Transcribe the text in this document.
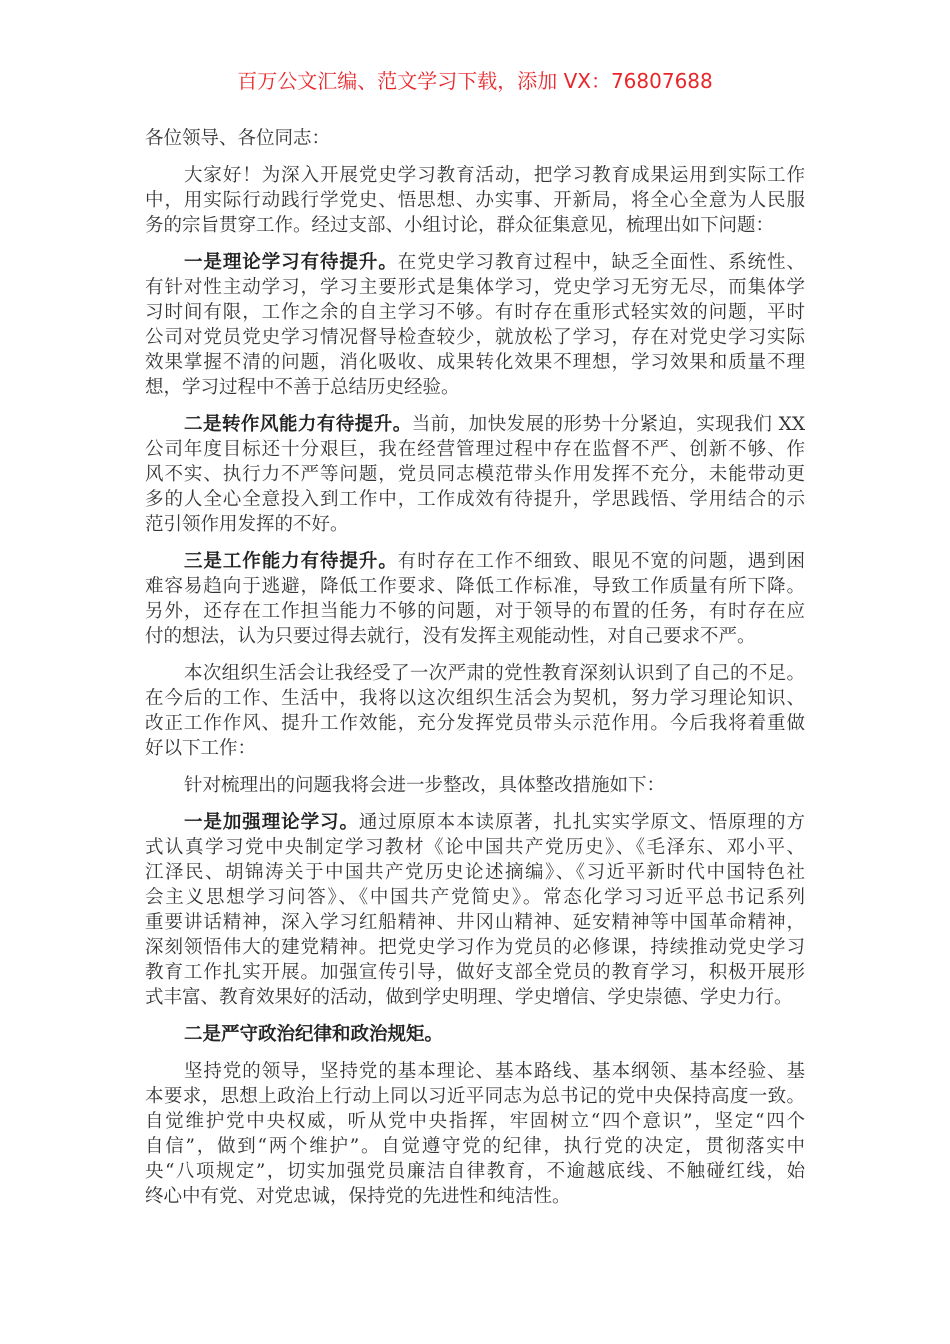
百万公文汇编、范文学习下载，添加 VX：76807688
各位领导、各位同志：
大家好！为深入开展党史学习教育活动，把学习教育成果运用到实际工作
中，用实际行动践行学党史、悟思想、办实事、开新局，将全心全意为人民服
务的宗旨贯穿工作。经过支部、小组讨论，群众征集意见，梳理出如下问题：
一是理论学习有待提升。在党史学习教育过程中，缺乏全面性、系统性、
有针对性主动学习，学习主要形式是集体学习，党史学习无穷无尽，而集体学
习时间有限，工作之余的自主学习不够。有时存在重形式轻实效的问题，平时
公司对党员党史学习情况督导检查较少，就放松了学习，存在对党史学习实际
效果掌握不清的问题，消化吸收、成果转化效果不理想，学习效果和质量不理
想，学习过程中不善于总结历史经验。
二是转作风能力有待提升。当前，加快发展的形势十分紧迫，实现我们 XX
公司年度目标还十分艰巨，我在经营管理过程中存在监督不严、创新不够、作
风不实、执行力不严等问题，党员同志模范带头作用发挥不充分，未能带动更
多的人全心全意投入到工作中，工作成效有待提升，学思践悟、学用结合的示
范引领作用发挥的不好。
三是工作能力有待提升。有时存在工作不细致、眼见不宽的问题，遇到困
难容易趋向于逃避，降低工作要求、降低工作标准，导致工作质量有所下降。
另外，还存在工作担当能力不够的问题，对于领导的布置的任务，有时存在应
付的想法，认为只要过得去就行，没有发挥主观能动性，对自己要求不严。
本次组织生活会让我经受了一次严肃的党性教育深刻认识到了自己的不足。
在今后的工作、生活中，我将以这次组织生活会为契机，努力学习理论知识、
改正工作作风、提升工作效能，充分发挥党员带头示范作用。今后我将着重做
好以下工作：
针对梳理出的问题我将会进一步整改，具体整改措施如下：
一是加强理论学习。通过原原本本读原著，扎扎实实学原文、悟原理的方
式认真学习党中央制定学习教材《论中国共产党历史》、《毛泽东、邓小平、
江泽民、胡锦涛关于中国共产党历史论述摘编》、《习近平新时代中国特色社
会主义思想学习问答》、《中国共产党简史》。常态化学习习近平总书记系列
重要讲话精神，深入学习红船精神、井冈山精神、延安精神等中国革命精神，
深刻领悟伟大的建党精神。把党史学习作为党员的必修课，持续推动党史学习
教育工作扎实开展。加强宣传引导，做好支部全党员的教育学习，积极开展形
式丰富、教育效果好的活动，做到学史明理、学史增信、学史崇德、学史力行。
二是严守政治纪律和政治规矩。
坚持党的领导，坚持党的基本理论、基本路线、基本纲领、基本经验、基
本要求，思想上政治上行动上同以习近平同志为总书记的党中央保持高度一致。
自觉维护党中央权威，听从党中央指挥，牢固树立“四个意识”，坚定“四个
自信”，做到“两个维护”。自觉遵守党的纪律，执行党的决定，贯彻落实中
央“八项规定”，切实加强党员廉洁自律教育，不逾越底线、不触碰红线，始
终心中有党、对党忠诚，保持党的先进性和纯洁性。
